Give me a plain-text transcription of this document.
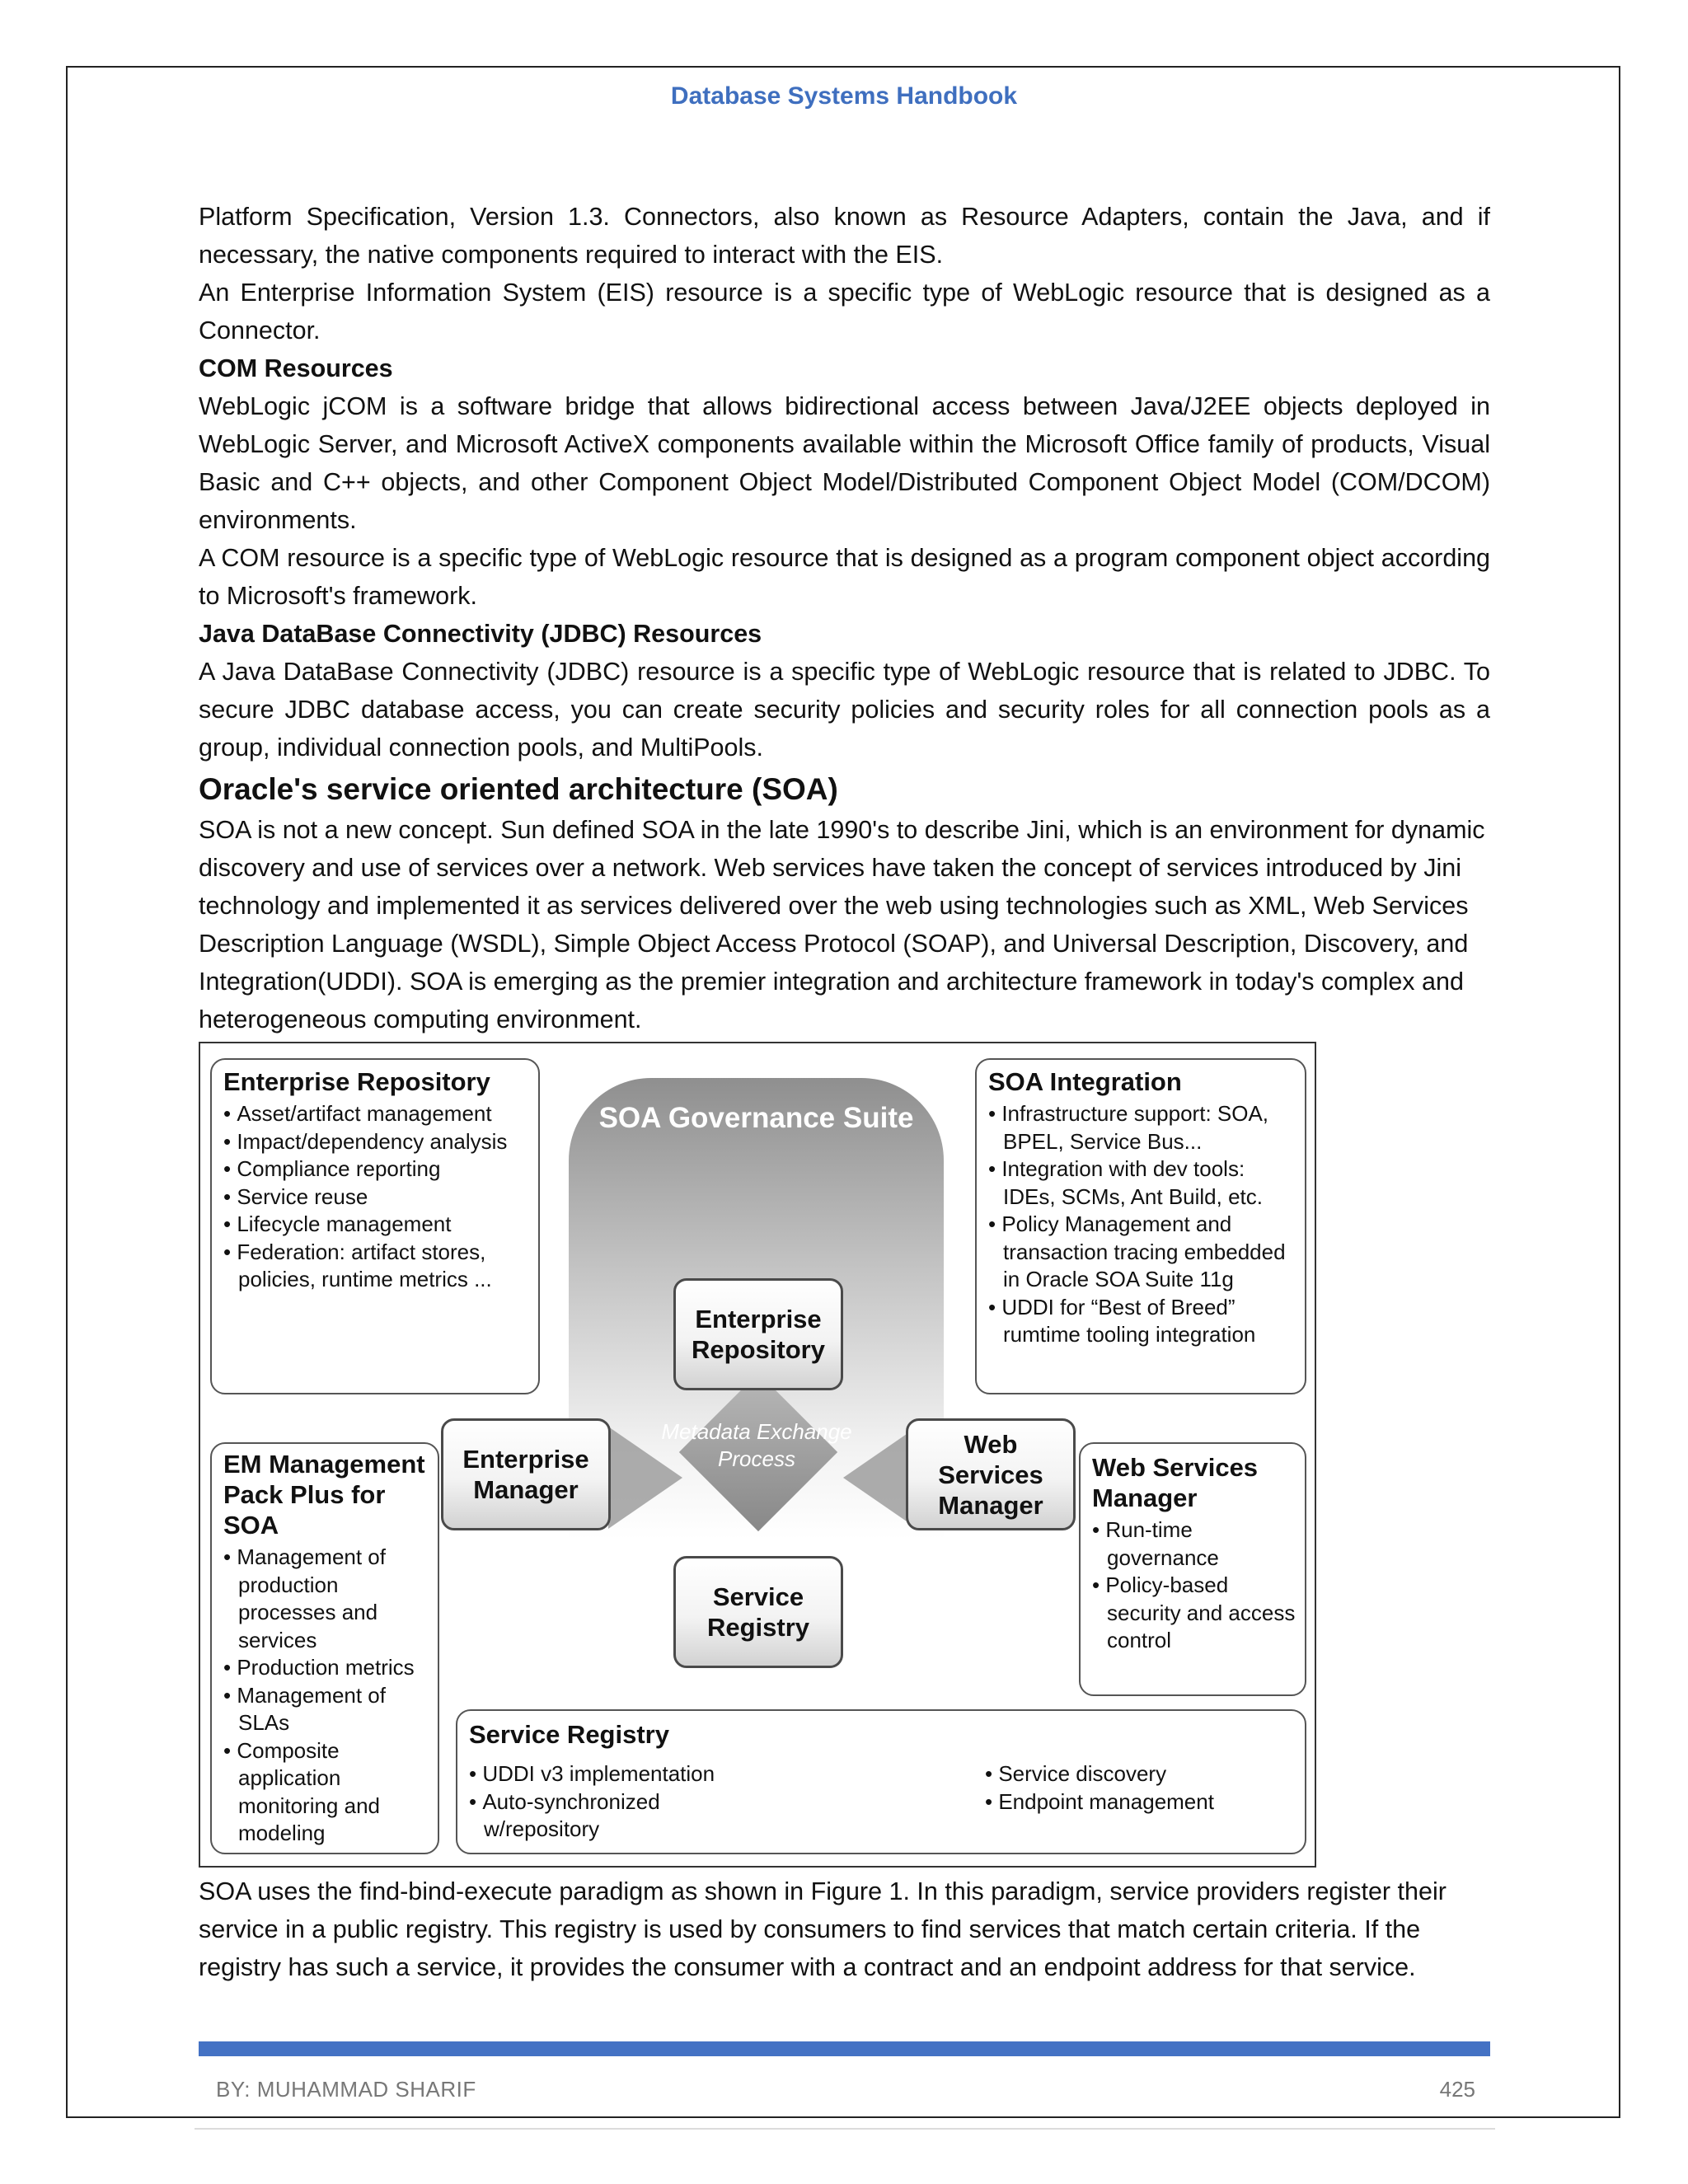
Database Systems Handbook

Platform Specification, Version 1.3. Connectors, also known as Resource Adapters, contain the Java, and if necessary, the native components required to interact with the EIS.

An Enterprise Information System (EIS) resource is a specific type of WebLogic resource that is designed as a Connector.

COM Resources

WebLogic jCOM is a software bridge that allows bidirectional access between Java/J2EE objects deployed in WebLogic Server, and Microsoft ActiveX components available within the Microsoft Office family of products, Visual Basic and C++ objects, and other Component Object Model/Distributed Component Object Model (COM/DCOM) environments.

A COM resource is a specific type of WebLogic resource that is designed as a program component object according to Microsoft's framework.

Java DataBase Connectivity (JDBC) Resources

A Java DataBase Connectivity (JDBC) resource is a specific type of WebLogic resource that is related to JDBC. To secure JDBC database access, you can create security policies and security roles for all connection pools as a group, individual connection pools, and MultiPools.

Oracle's service oriented architecture (SOA)

SOA is not a new concept. Sun defined SOA in the late 1990's to describe Jini, which is an environment for dynamic discovery and use of services over a network. Web services have taken the concept of services introduced by Jini technology and implemented it as services delivered over the web using technologies such as XML, Web Services Description Language (WSDL), Simple Object Access Protocol (SOAP), and Universal Description, Discovery, and Integration(UDDI). SOA is emerging as the premier integration and architecture framework in today's complex and heterogeneous computing environment.

SOA Governance Suite
Enterprise Repository
• Asset/artifact management
• Impact/dependency analysis
• Compliance reporting
• Service reuse
• Lifecycle management
• Federation: artifact stores, policies, runtime metrics ...
SOA Integration
• Infrastructure support: SOA, BPEL, Service Bus...
• Integration with dev tools: IDEs, SCMs, Ant Build, etc.
• Policy Management and transaction tracing embedded in Oracle SOA Suite 11g
• UDDI for “Best of Breed” rumtime tooling integration
EM Management Pack Plus for SOA
• Management of production processes and services
• Production metrics
• Management of SLAs
• Composite application monitoring and modeling
Web Services Manager
• Run-time governance
• Policy-based security and access control
Service Registry
• UDDI v3 implementation
• Auto-synchronized w/repository
• Service discovery
• Endpoint management
Metadata Exchange Process
Enterprise Repository
Enterprise Manager
Web Services Manager
Service Registry

SOA uses the find-bind-execute paradigm as shown in Figure 1. In this paradigm, service providers register their service in a public registry. This registry is used by consumers to find services that match certain criteria. If the registry has such a service, it provides the consumer with a contract and an endpoint address for that service.

BY: MUHAMMAD SHARIF	425
